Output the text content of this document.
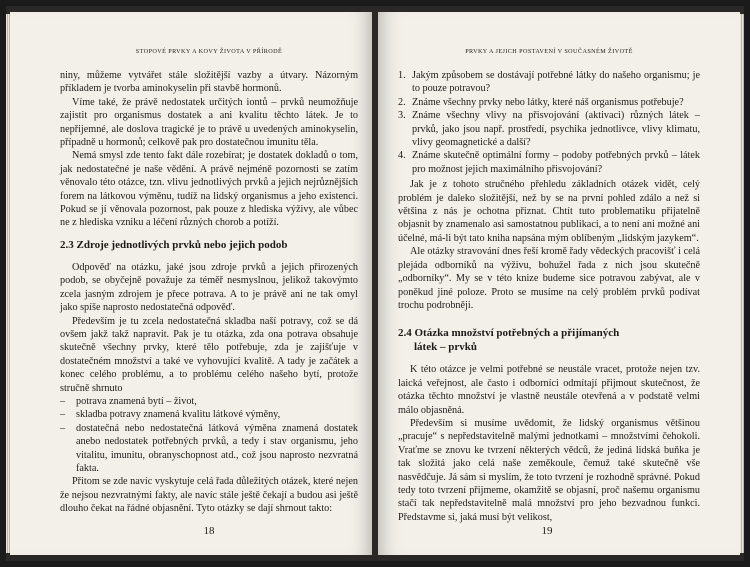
STOPOVÉ PRVKY A KOVY ŽIVOTA V PŘÍRODĚ

niny, můžeme vytvářet stále složitější vazby a útvary. Názorným příkladem je tvorba aminokyselin při stavbě hormonů.

Víme také, že právě nedostatek určitých iontů – prvků neumožňuje zajistit pro organismus dostatek a ani kvalitu těchto látek. Je to nepřijemné, ale doslova tragické je to právě u uvedených aminokyselin, případně u hormonů; celkově pak pro dostatečnou imunitu těla.

Nemá smysl zde tento fakt dále rozebírat; je dostatek dokladů o tom, jak nedostatečné je naše vědění. A právě nejméně pozornosti se zatím věnovalo této otázce, tzn. vlivu jednotlivých prvků a jejich nejrůznějších forem na látkovou výměnu, tudíž na lidský organismus a jeho existenci. Pokud se jí věnovala pozornost, pak pouze z hlediska výživy, ale vůbec ne z hlediska vzniku a léčení různých chorob a potíží.

2.3 Zdroje jednotlivých prvků nebo jejich podob

Odpověď na otázku, jaké jsou zdroje prvků a jejich přirozených podob, se obyčejně považuje za téměř nesmyslnou, jelikož takovýmto zcela jasným zdrojem je přece potrava. A to je právě ani ne tak omyl jako spíše naprosto nedostatečná odpověď.

Především je tu zcela nedostatečná skladba naší potravy, což se dá ovšem jakž takž napravit. Pak je tu otázka, zda ona potrava obsahuje skutečně všechny prvky, které tělo potřebuje, zda je zajišťuje v dostatečném množství a také ve vyhovující kvalitě. A tady je začátek a konec celého problému, a to problému celého našeho bytí, protože stručně shrnuto

– potrava znamená bytí – život,
– skladba potravy znamená kvalitu látkové výměny,
– dostatečná nebo nedostatečná látková výměna znamená dostatek anebo nedostatek potřebných prvků, a tedy i stav organismu, jeho vitalitu, imunitu, obranyschopnost atd., což jsou naprosto nezvratná fakta.

Přitom se zde navíc vyskytuje celá řada důležitých otázek, které nejen že nejsou nezvratnými fakty, ale navíc stále ještě čekají a budou asi ještě dlouho čekat na řádné objasnění. Tyto otázky se dají shrnout takto:

18
PRVKY A JEJICH POSTAVENÍ V SOUČASNÉM ŽIVOTĚ
1. Jakým způsobem se dostávají potřebné látky do našeho organismu; je to pouze potravou?
2. Známe všechny prvky nebo látky, které náš organismus potřebuje?
3. Známe všechny vlivy na přisvojování (aktivaci) různých látek – prvků, jako jsou např. prostředí, psychika jednotlivce, vlivy klimatu, vlivy geomagnetické a další?
4. Známe skutečně optimální formy – podoby potřebných prvků – látek pro možnost jejich maximálního přisvojování?

Jak je z tohoto stručného přehledu základních otázek vidět, celý problém je daleko složitější, než by se na první pohled zdálo a než si většina z nás je ochotna přiznat. Chtít tuto problematiku přijatelně objasnit by znamenalo asi samostatnou publikaci, a to není ani možné ani účelné, má-li být tato kniha napsána mým oblíbeným „lidským jazykem“.

Ale otázky stravování dnes řeší kromě řady vědeckých pracovišť i celá plejáda odborníků na výživu, bohužel řada z nich jsou skutečně „odborníky“. My se v této knize budeme sice potravou zabývat, ale v poněkud jiné poloze. Proto se musíme na celý problém prvků podívat trochu podrobněji.

2.4 Otázka množství potřebných a přijímaných
látek – prvků

K této otázce je velmi potřebné se neustále vracet, protože nejen tzv. laická veřejnost, ale často i odborníci odmítají přijmout skutečnost, že otázka těchto množství je vlastně neustále otevřená a v podstatě velmi málo objasněná.

Především si musíme uvědomit, že lidský organismus většinou „pracuje“ s nepředstavitelně malými jednotkami – množstvími čehokoli. Vraťme se znovu ke tvrzení některých vědců, že jediná lidská buňka je tak složitá jako celá naše zeměkoule, čemuž také skutečně vše nasvědčuje. Já sám si myslím, že toto tvrzení je rozhodně správné. Pokud tedy toto tvrzení přijmeme, okamžitě se objasní, proč našemu organismu stačí tak nepředstavitelně malá množství pro jeho bezvadnou funkci. Představme si, jaká musí být velikost,

19
